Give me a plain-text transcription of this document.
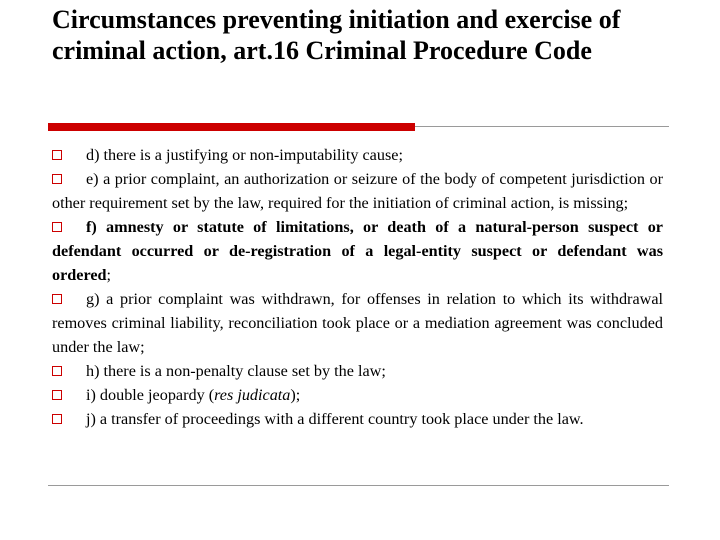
Circumstances preventing initiation and exercise of criminal action, art.16 Criminal Procedure Code

d) there is a justifying or non-imputability cause;

e) a prior complaint, an authorization or seizure of the body of competent jurisdiction or other requirement set by the law, required for the initiation of criminal action, is missing;

f) amnesty or statute of limitations, or death of a natural-person suspect or defendant occurred or de-registration of a legal-entity suspect or defendant was ordered;

g) a prior complaint was withdrawn, for offenses in relation to which its withdrawal removes criminal liability, reconciliation took place or a mediation agreement was concluded under the law;

h) there is a non-penalty clause set by the law;

i) double jeopardy (res judicata);

j) a transfer of proceedings with a different country took place under the law.
